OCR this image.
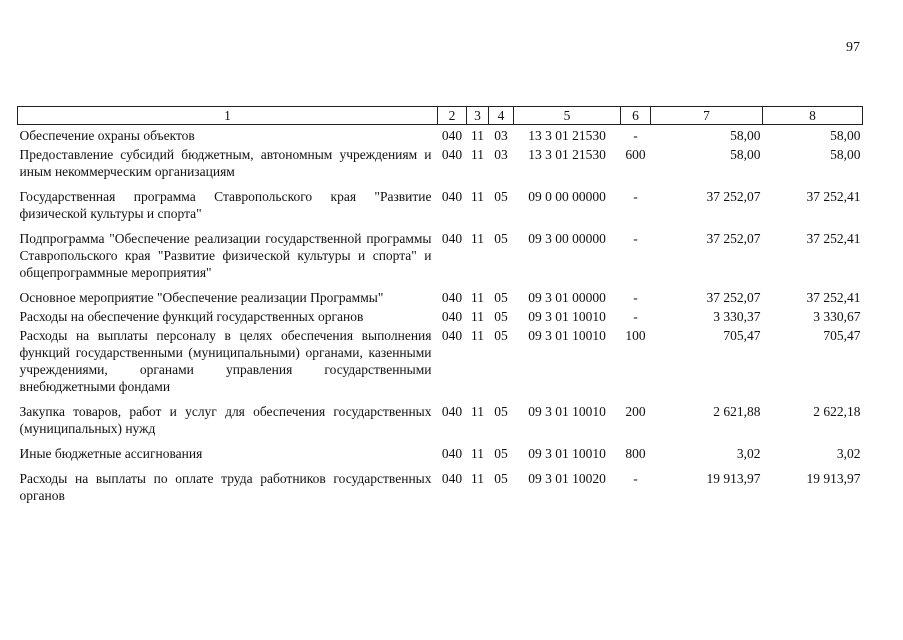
97
1	2	3	4	5	6	7	8
Обеспечение охраны объектов	040	11	03	13 3 01 21530	-	58,00	58,00
Предоставление субсидий бюджетным, автономным учреждениям и иным некоммерческим организациям	040	11	03	13 3 01 21530	600	58,00	58,00
Государственная программа Ставропольского края "Развитие физической культуры и спорта"	040	11	05	09 0 00 00000	-	37 252,07	37 252,41
Подпрограмма "Обеспечение реализации государственной программы Ставропольского края "Развитие физической культуры и спорта" и общепрограммные мероприятия"	040	11	05	09 3 00 00000	-	37 252,07	37 252,41
Основное мероприятие "Обеспечение реализации Программы"	040	11	05	09 3 01 00000	-	37 252,07	37 252,41
Расходы на обеспечение функций государственных органов	040	11	05	09 3 01 10010	-	3 330,37	3 330,67
Расходы на выплаты персоналу в целях обеспечения выполнения функций государственными (муниципальными) органами, казенными учреждениями, органами управления государственными внебюджетными фондами	040	11	05	09 3 01 10010	100	705,47	705,47
Закупка товаров, работ и услуг для обеспечения государственных (муниципальных) нужд	040	11	05	09 3 01 10010	200	2 621,88	2 622,18
Иные бюджетные ассигнования	040	11	05	09 3 01 10010	800	3,02	3,02
Расходы на выплаты по оплате труда работников государственных органов	040	11	05	09 3 01 10020	-	19 913,97	19 913,97
